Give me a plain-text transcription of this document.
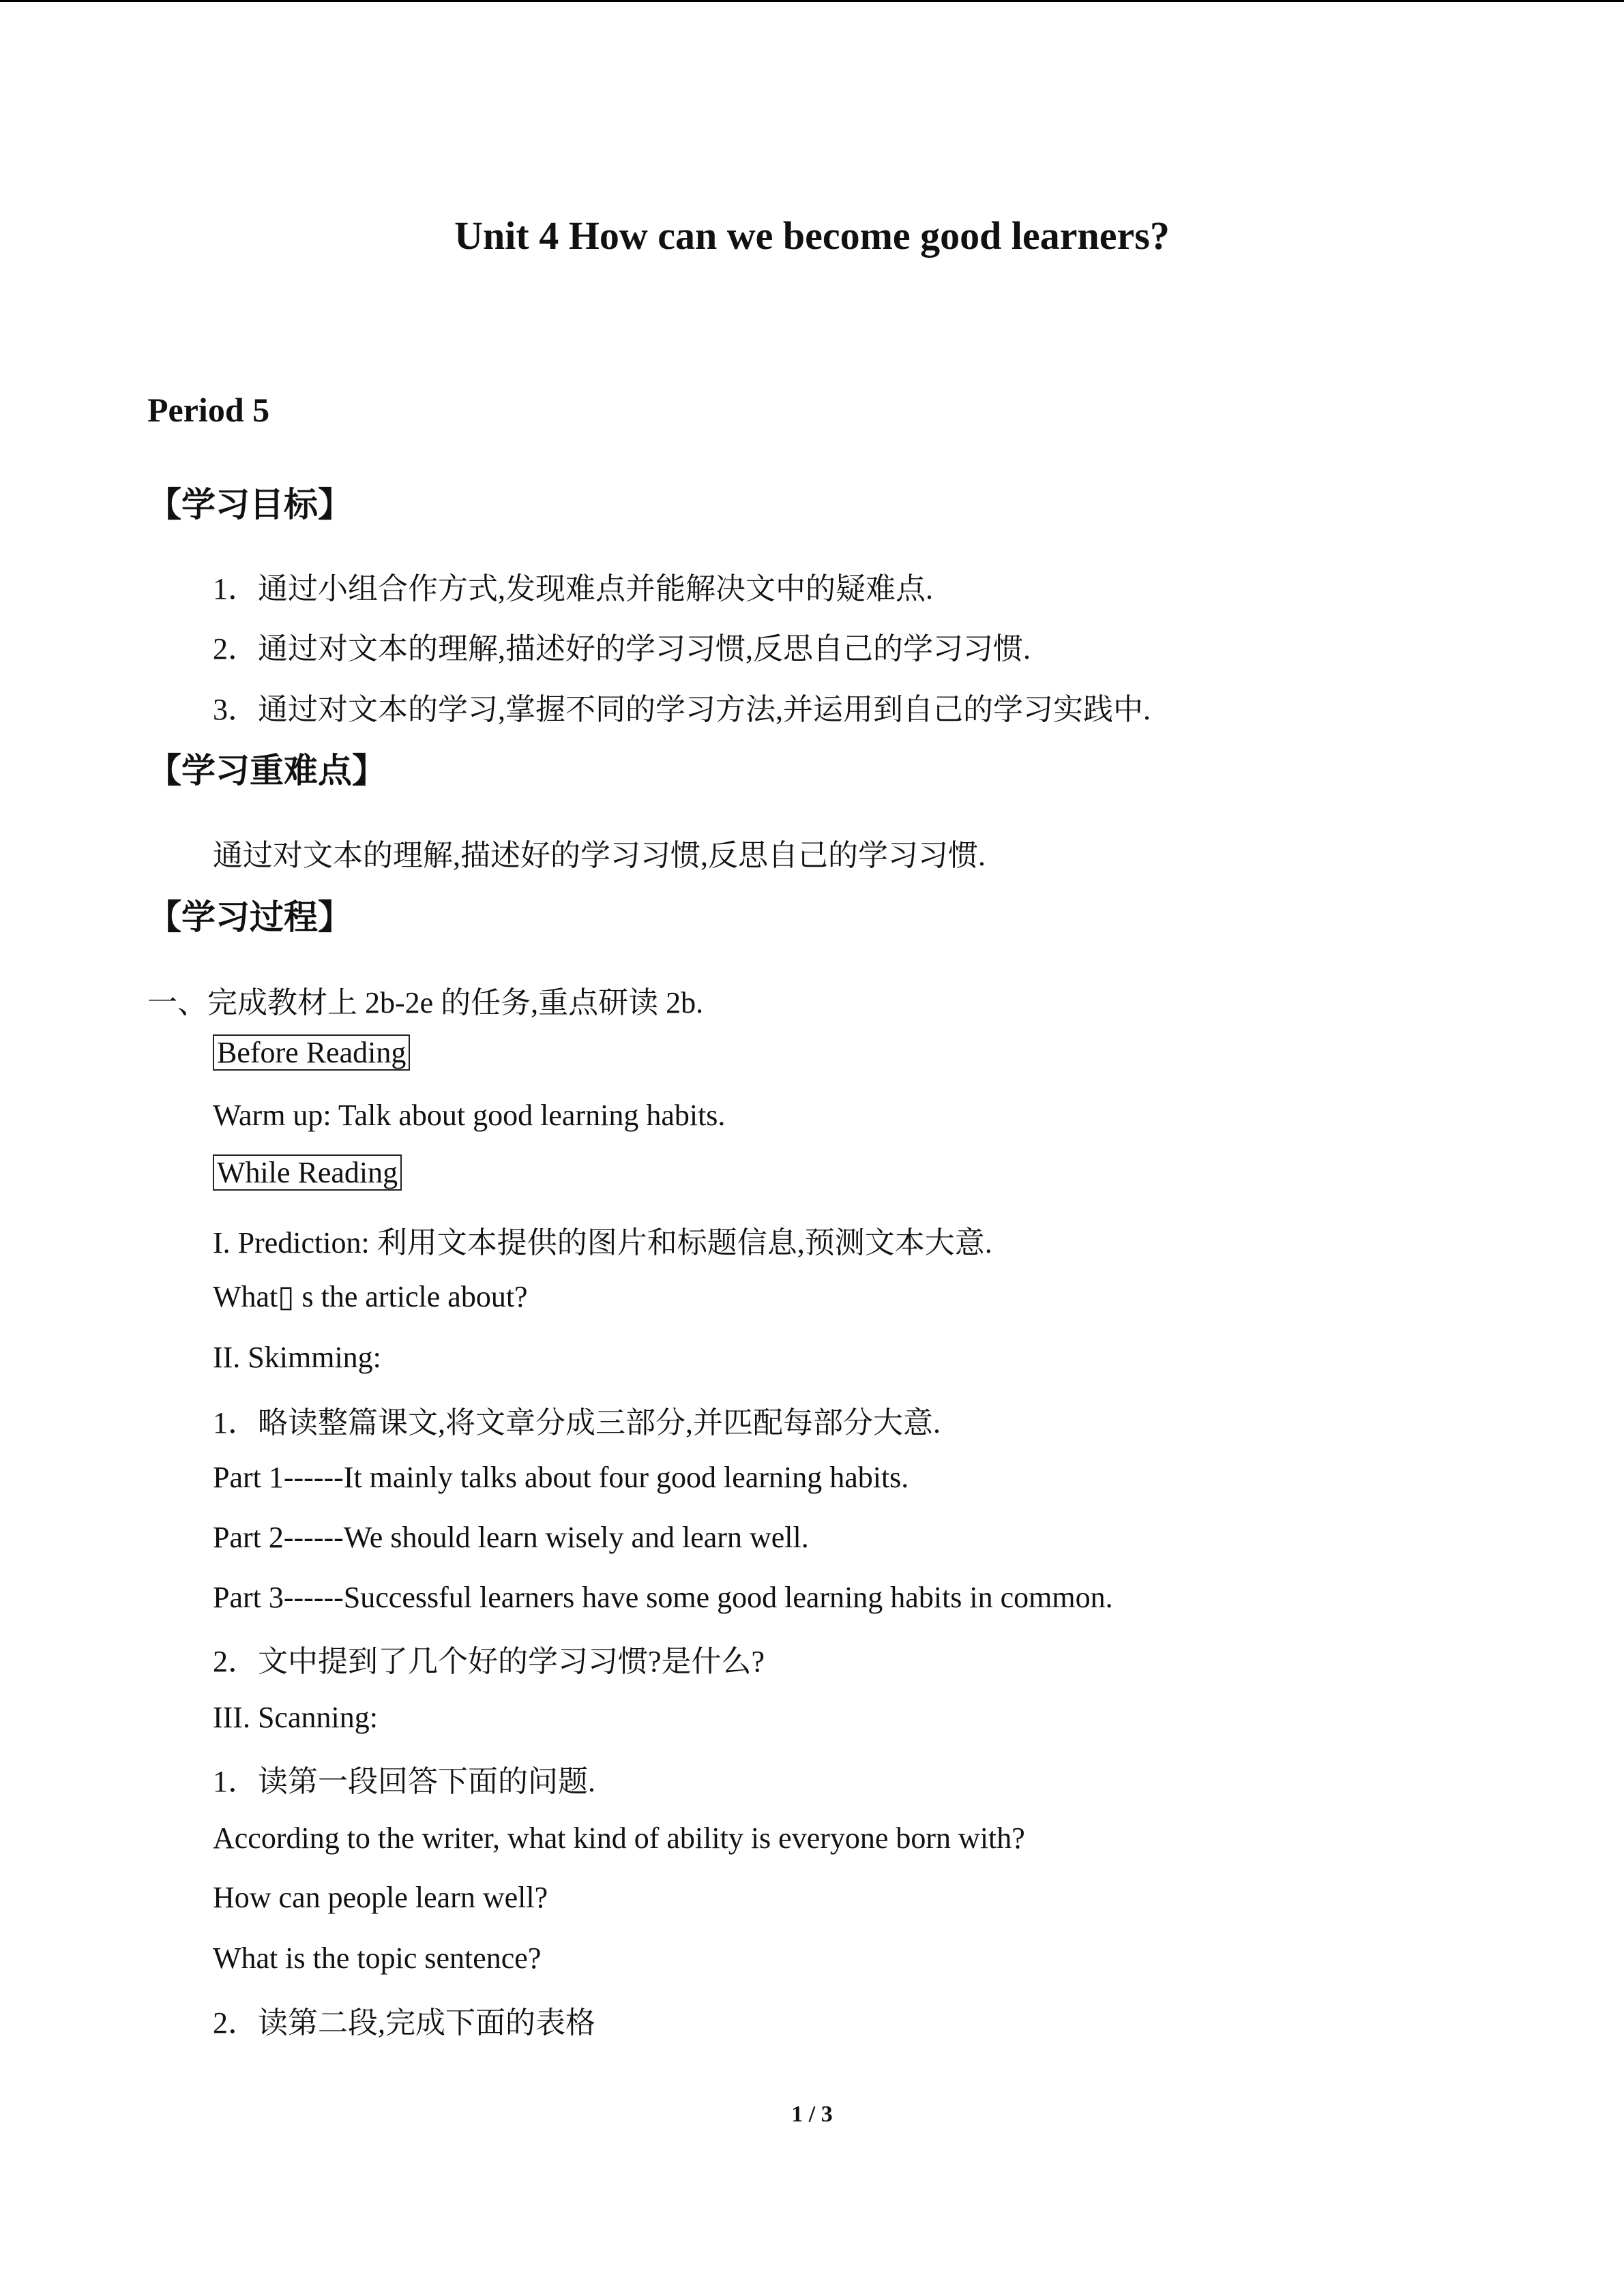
Unit 4 How can we become good learners?
Period 5
【学习目标】
1．通过小组合作方式,发现难点并能解决文中的疑难点.
2．通过对文本的理解,描述好的学习习惯,反思自己的学习习惯.
3．通过对文本的学习,掌握不同的学习方法,并运用到自己的学习实践中.
【学习重难点】
通过对文本的理解,描述好的学习习惯,反思自己的学习习惯.
【学习过程】
一、完成教材上 2b-2e 的任务,重点研读 2b.
Before Reading
Warm up: Talk about good learning habits.
While Reading
I. Prediction: 利用文本提供的图片和标题信息,预测文本大意.
What▯ s the article about?
II. Skimming:
1．略读整篇课文,将文章分成三部分,并匹配每部分大意.
Part 1------It mainly talks about four good learning habits.
Part 2------We should learn wisely and learn well.
Part 3------Successful learners have some good learning habits in common.
2．文中提到了几个好的学习习惯?是什么?
III. Scanning:
1．读第一段回答下面的问题.
According to the writer, what kind of ability is everyone born with?
How can people learn well?
What is the topic sentence?
2．读第二段,完成下面的表格
1 / 3
